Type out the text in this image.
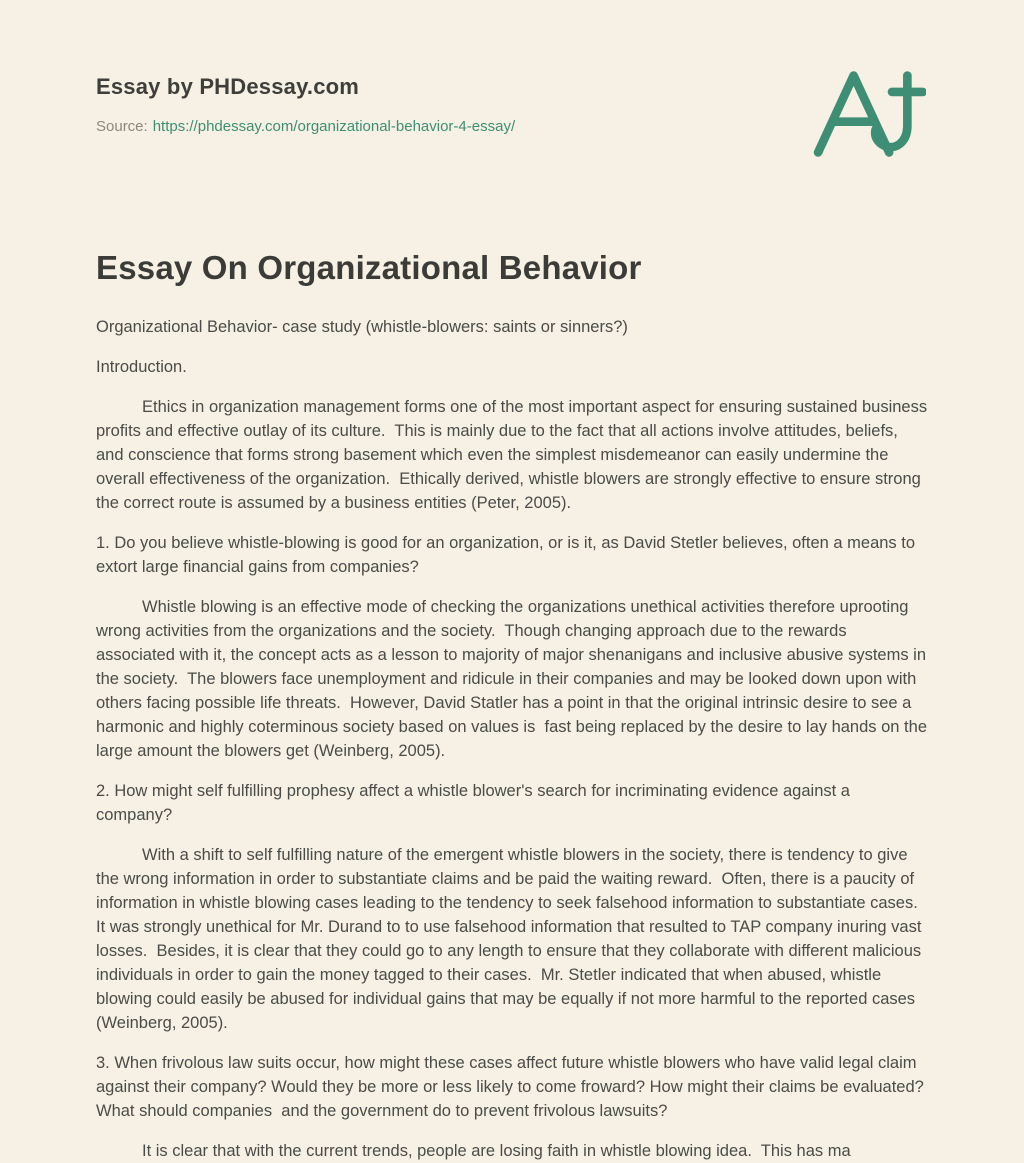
Essay by PHDessay.com

Source: https://phdessay.com/organizational-behavior-4-essay/

Essay On Organizational Behavior

Organizational Behavior- case study (whistle-blowers: saints or sinners?)

Introduction.

Ethics in organization management forms one of the most important aspect for ensuring sustained business profits and effective outlay of its culture.  This is mainly due to the fact that all actions involve attitudes, beliefs, and conscience that forms strong basement which even the simplest misdemeanor can easily undermine the overall effectiveness of the organization.  Ethically derived, whistle blowers are strongly effective to ensure strong the correct route is assumed by a business entities (Peter, 2005).

1. Do you believe whistle-blowing is good for an organization, or is it, as David Stetler believes, often a means to extort large financial gains from companies?

Whistle blowing is an effective mode of checking the organizations unethical activities therefore uprooting wrong activities from the organizations and the society.  Though changing approach due to the rewards associated with it, the concept acts as a lesson to majority of major shenanigans and inclusive abusive systems in the society.  The blowers face unemployment and ridicule in their companies and may be looked down upon with others facing possible life threats.  However, David Statler has a point in that the original intrinsic desire to see a harmonic and highly coterminous society based on values is  fast being replaced by the desire to lay hands on the large amount the blowers get (Weinberg, 2005).

2. How might self fulfilling prophesy affect a whistle blower's search for incriminating evidence against a company?

With a shift to self fulfilling nature of the emergent whistle blowers in the society, there is tendency to give the wrong information in order to substantiate claims and be paid the waiting reward.  Often, there is a paucity of information in whistle blowing cases leading to the tendency to seek falsehood information to substantiate cases.  It was strongly unethical for Mr. Durand to to use falsehood information that resulted to TAP company inuring vast losses.  Besides, it is clear that they could go to any length to ensure that they collaborate with different malicious individuals in order to gain the money tagged to their cases.  Mr. Stetler indicated that when abused, whistle blowing could easily be abused for individual gains that may be equally if not more harmful to the reported cases (Weinberg, 2005).

3. When frivolous law suits occur, how might these cases affect future whistle blowers who have valid legal claim against their company? Would they be more or less likely to come froward? How might their claims be evaluated? What should companies  and the government do to prevent frivolous lawsuits?

It is clear that with the current trends, people are losing faith in whistle blowing idea.  This has ma
